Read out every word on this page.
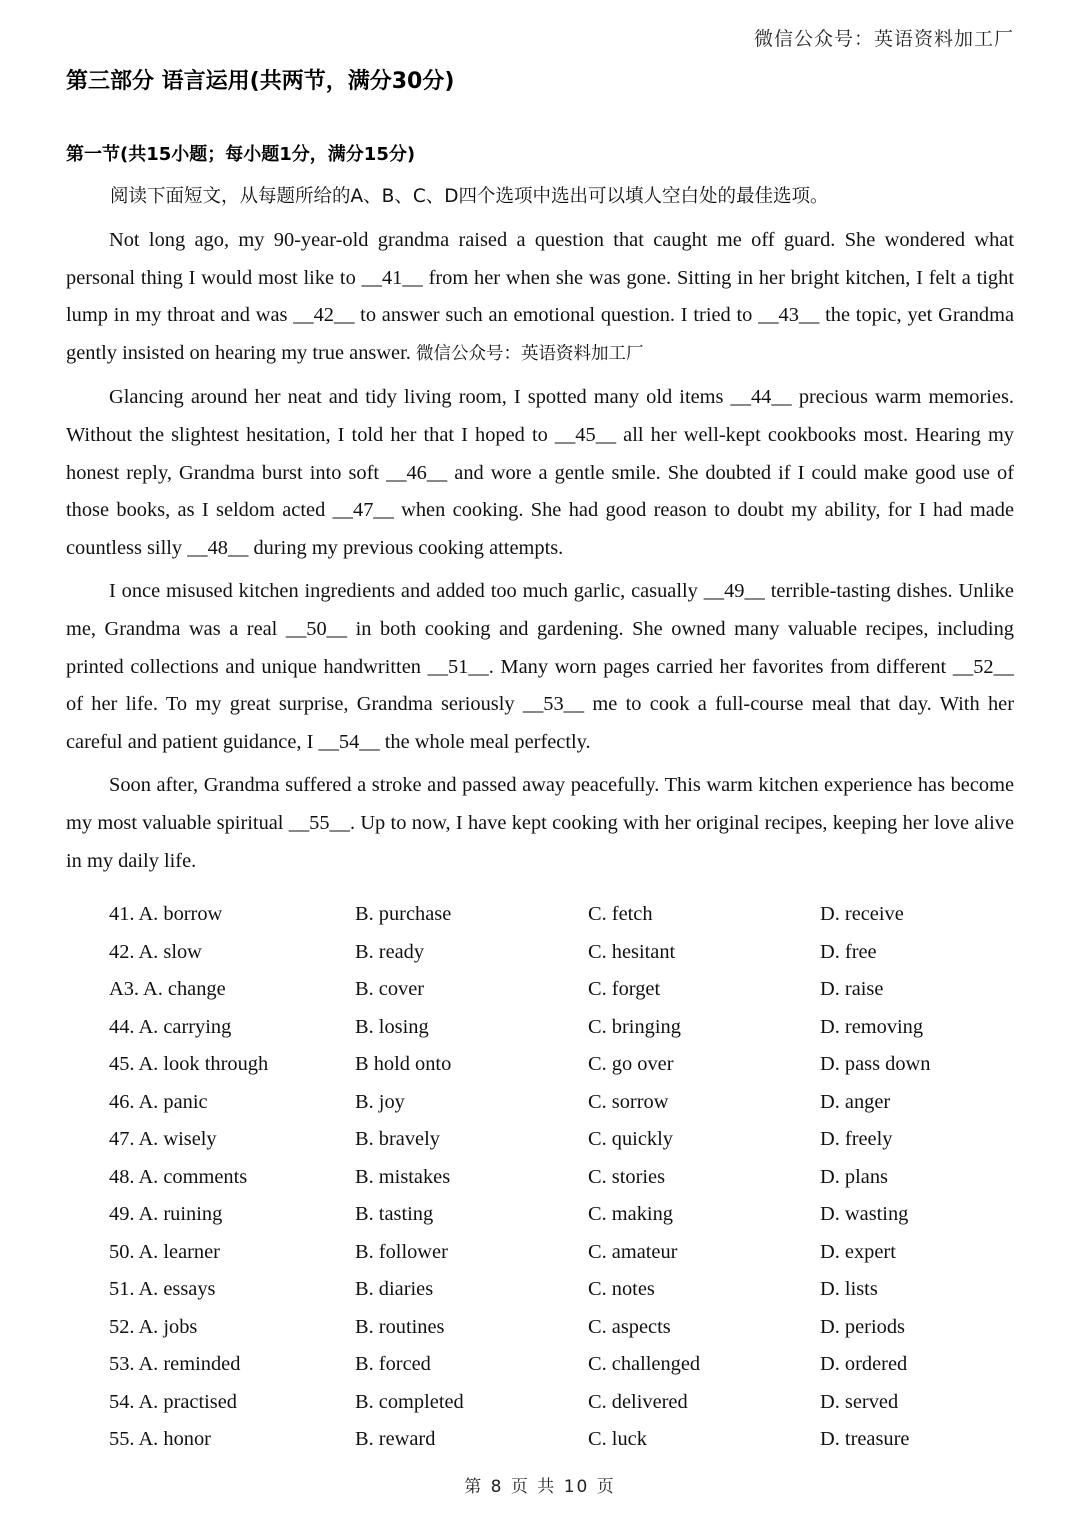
微信公众号：英语资料加工厂
第三部分 语言运用(共两节，满分30分)
第一节(共15小题；每小题1分，满分15分)
阅读下面短文，从每题所给的A、B、C、D四个选项中选出可以填人空白处的最佳选项。

Not long ago, my 90-year-old grandma raised a question that caught me off guard. She wondered what personal thing I would most like to __41__ from her when she was gone. Sitting in her bright kitchen, I felt a tight lump in my throat and was __42__ to answer such an emotional question. I tried to __43__ the topic, yet Grandma gently insisted on hearing my true answer. 微信公众号：英语资料加工厂

Glancing around her neat and tidy living room, I spotted many old items __44__ precious warm memories. Without the slightest hesitation, I told her that I hoped to __45__ all her well-kept cookbooks most. Hearing my honest reply, Grandma burst into soft __46__ and wore a gentle smile. She doubted if I could make good use of those books, as I seldom acted __47__ when cooking. She had good reason to doubt my ability, for I had made countless silly __48__ during my previous cooking attempts.

I once misused kitchen ingredients and added too much garlic, casually __49__ terrible-tasting dishes. Unlike me, Grandma was a real __50__ in both cooking and gardening. She owned many valuable recipes, including printed collections and unique handwritten __51__. Many worn pages carried her favorites from different __52__ of her life. To my great surprise, Grandma seriously __53__ me to cook a full-course meal that day. With her careful and patient guidance, I __54__ the whole meal perfectly.

Soon after, Grandma suffered a stroke and passed away peacefully. This warm kitchen experience has become my most valuable spiritual __55__. Up to now, I have kept cooking with her original recipes, keeping her love alive in my daily life.

41. A. borrow	B. purchase	C. fetch	D. receive
42. A. slow	B. ready	C. hesitant	D. free
A3. A. change	B. cover	C. forget	D. raise
44. A. carrying	B. losing	C. bringing	D. removing
45. A. look through	B hold onto	C. go over	D. pass down
46. A. panic	B. joy	C. sorrow	D. anger
47. A. wisely	B. bravely	C. quickly	D. freely
48. A. comments	B. mistakes	C. stories	D. plans
49. A. ruining	B. tasting	C. making	D. wasting
50. A. learner	B. follower	C. amateur	D. expert
51. A. essays	B. diaries	C. notes	D. lists
52. A. jobs	B. routines	C. aspects	D. periods
53. A. reminded	B. forced	C. challenged	D. ordered
54. A. practised	B. completed	C. delivered	D. served
55. A. honor	B. reward	C. luck	D. treasure
第 8 页 共 10 页
